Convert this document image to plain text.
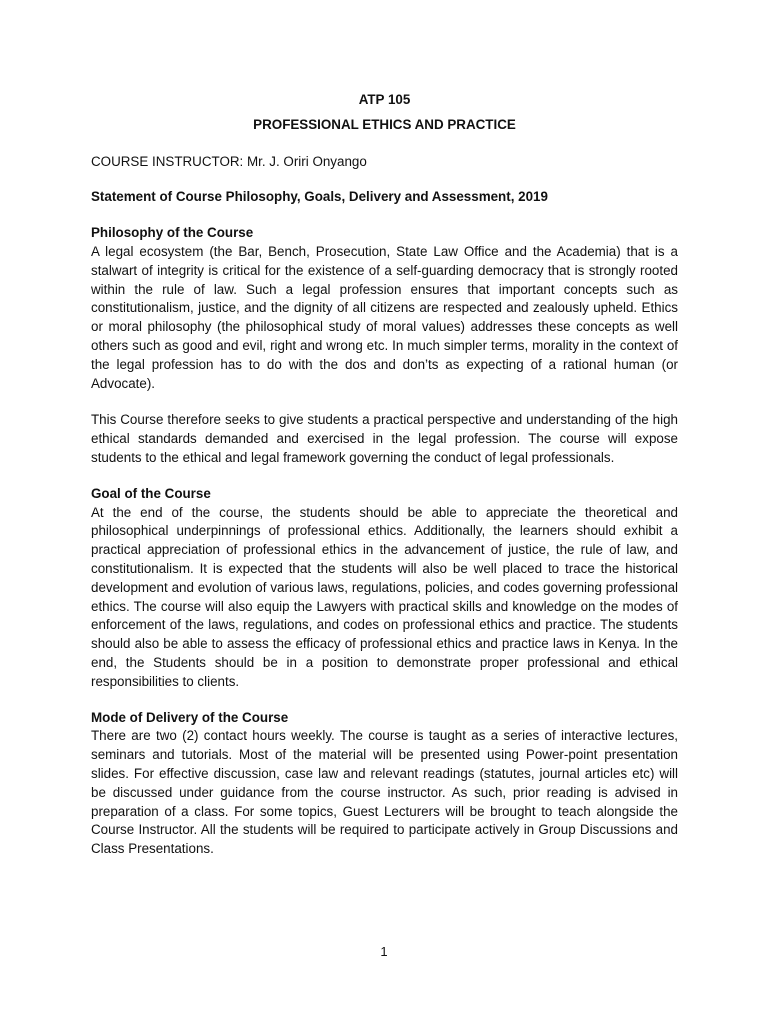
ATP 105

PROFESSIONAL ETHICS AND PRACTICE

COURSE INSTRUCTOR: Mr. J. Oriri Onyango

Statement of Course Philosophy, Goals, Delivery and Assessment, 2019

Philosophy of the Course

A legal ecosystem (the Bar, Bench, Prosecution, State Law Office and the Academia) that is a stalwart of integrity is critical for the existence of a self-guarding democracy that is strongly rooted within the rule of law. Such a legal profession ensures that important concepts such as constitutionalism, justice, and the dignity of all citizens are respected and zealously upheld. Ethics or moral philosophy (the philosophical study of moral values) addresses these concepts as well others such as good and evil, right and wrong etc. In much simpler terms, morality in the context of the legal profession has to do with the dos and don’ts as expecting of a rational human (or Advocate).

This Course therefore seeks to give students a practical perspective and understanding of the high ethical standards demanded and exercised in the legal profession. The course will expose students to the ethical and legal framework governing the conduct of legal professionals.

Goal of the Course

At the end of the course, the students should be able to appreciate the theoretical and philosophical underpinnings of professional ethics. Additionally, the learners should exhibit a practical appreciation of professional ethics in the advancement of justice, the rule of law, and constitutionalism. It is expected that the students will also be well placed to trace the historical development and evolution of various laws, regulations, policies, and codes governing professional ethics. The course will also equip the Lawyers with practical skills and knowledge on the modes of enforcement of the laws, regulations, and codes on professional ethics and practice. The students should also be able to assess the efficacy of professional ethics and practice laws in Kenya. In the end, the Students should be in a position to demonstrate proper professional and ethical responsibilities to clients.

Mode of Delivery of the Course

There are two (2) contact hours weekly. The course is taught as a series of interactive lectures, seminars and tutorials. Most of the material will be presented using Power-point presentation slides. For effective discussion, case law and relevant readings (statutes, journal articles etc) will be discussed under guidance from the course instructor. As such, prior reading is advised in preparation of a class. For some topics, Guest Lecturers will be brought to teach alongside the Course Instructor. All the students will be required to participate actively in Group Discussions and Class Presentations.

1
